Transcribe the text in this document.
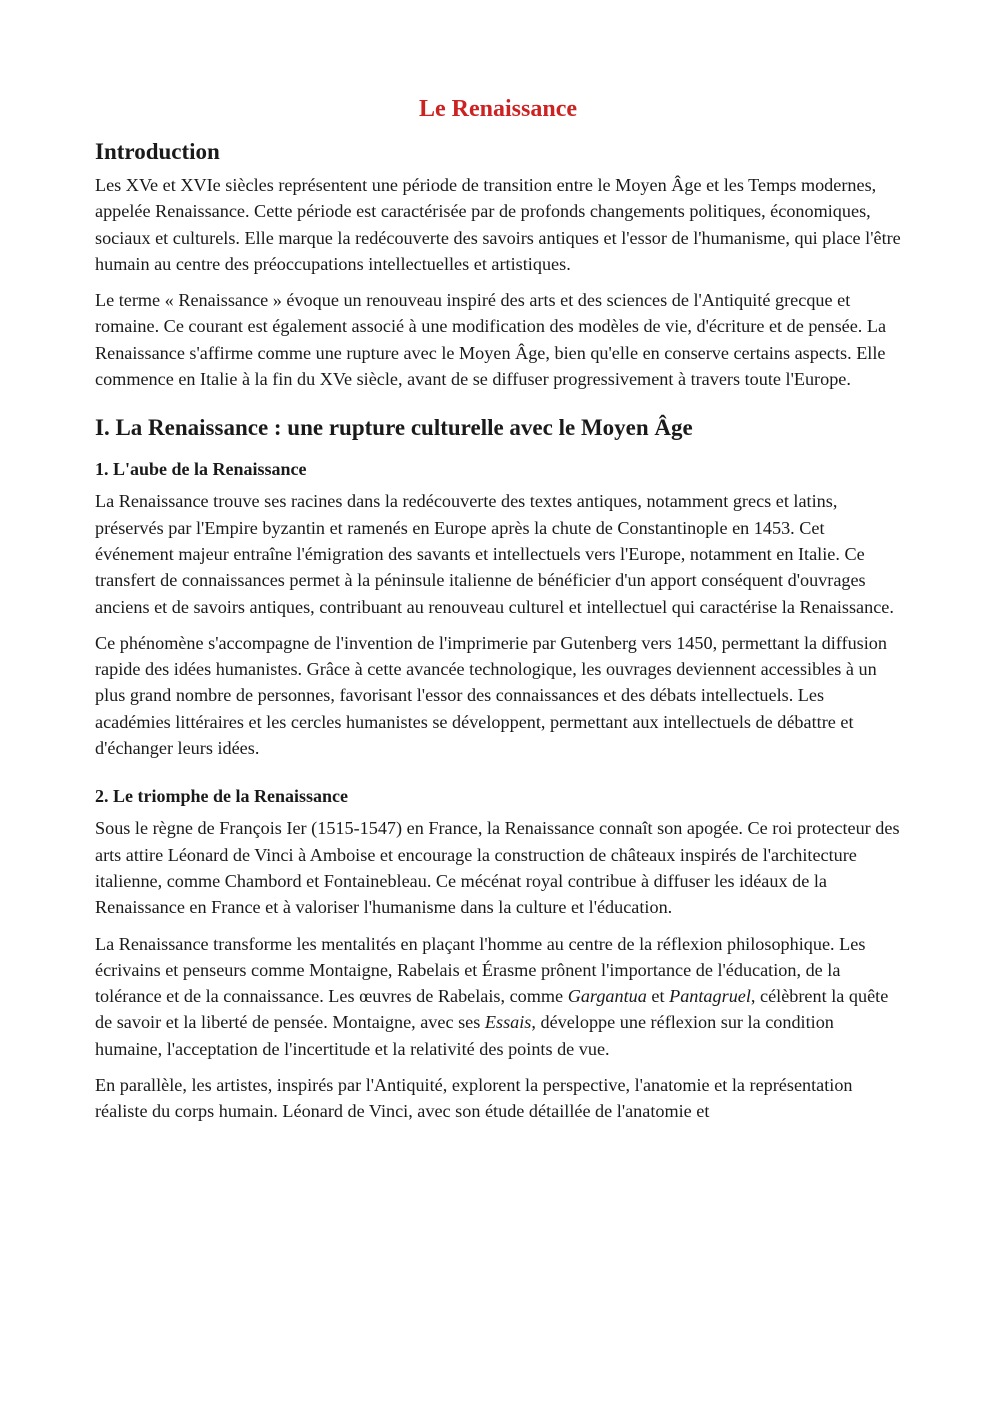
Le Renaissance
Introduction

Les XVe et XVIe siècles représentent une période de transition entre le Moyen Âge et les Temps modernes, appelée Renaissance. Cette période est caractérisée par de profonds changements politiques, économiques, sociaux et culturels. Elle marque la redécouverte des savoirs antiques et l'essor de l'humanisme, qui place l'être humain au centre des préoccupations intellectuelles et artistiques.

Le terme « Renaissance » évoque un renouveau inspiré des arts et des sciences de l'Antiquité grecque et romaine. Ce courant est également associé à une modification des modèles de vie, d'écriture et de pensée. La Renaissance s'affirme comme une rupture avec le Moyen Âge, bien qu'elle en conserve certains aspects. Elle commence en Italie à la fin du XVe siècle, avant de se diffuser progressivement à travers toute l'Europe.

I. La Renaissance : une rupture culturelle avec le Moyen Âge
1. L'aube de la Renaissance

La Renaissance trouve ses racines dans la redécouverte des textes antiques, notamment grecs et latins, préservés par l'Empire byzantin et ramenés en Europe après la chute de Constantinople en 1453. Cet événement majeur entraîne l'émigration des savants et intellectuels vers l'Europe, notamment en Italie. Ce transfert de connaissances permet à la péninsule italienne de bénéficier d'un apport conséquent d'ouvrages anciens et de savoirs antiques, contribuant au renouveau culturel et intellectuel qui caractérise la Renaissance.

Ce phénomène s'accompagne de l'invention de l'imprimerie par Gutenberg vers 1450, permettant la diffusion rapide des idées humanistes. Grâce à cette avancée technologique, les ouvrages deviennent accessibles à un plus grand nombre de personnes, favorisant l'essor des connaissances et des débats intellectuels. Les académies littéraires et les cercles humanistes se développent, permettant aux intellectuels de débattre et d'échanger leurs idées.

2. Le triomphe de la Renaissance

Sous le règne de François Ier (1515-1547) en France, la Renaissance connaît son apogée. Ce roi protecteur des arts attire Léonard de Vinci à Amboise et encourage la construction de châteaux inspirés de l'architecture italienne, comme Chambord et Fontainebleau. Ce mécénat royal contribue à diffuser les idéaux de la Renaissance en France et à valoriser l'humanisme dans la culture et l'éducation.

La Renaissance transforme les mentalités en plaçant l'homme au centre de la réflexion philosophique. Les écrivains et penseurs comme Montaigne, Rabelais et Érasme prônent l'importance de l'éducation, de la tolérance et de la connaissance. Les œuvres de Rabelais, comme Gargantua et Pantagruel, célèbrent la quête de savoir et la liberté de pensée. Montaigne, avec ses Essais, développe une réflexion sur la condition humaine, l'acceptation de l'incertitude et la relativité des points de vue.

En parallèle, les artistes, inspirés par l'Antiquité, explorent la perspective, l'anatomie et la représentation réaliste du corps humain. Léonard de Vinci, avec son étude détaillée de l'anatomie et
